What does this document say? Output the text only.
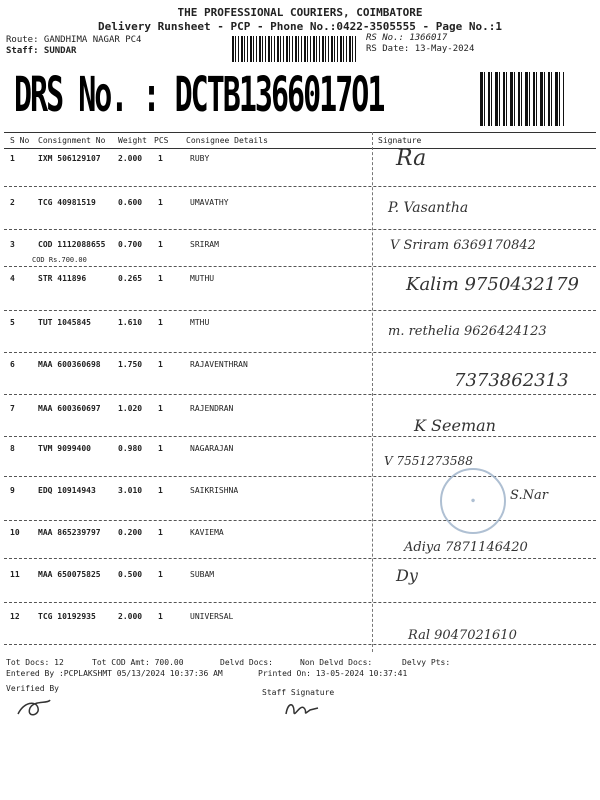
THE PROFESSIONAL COURIERS, COIMBATORE
Delivery Runsheet - PCP - Phone No.:0422-3505555 - Page No.:1
Route: GANDHIMA NAGAR PC4
Staff: SUNDAR
RS No.: 1366017
RS Date: 13-May-2024
DRS No. : DCTB1366017O1
S No Consignment No Weight PCS Consignee Details	Signature
1	IXM 506129107 2.000 1	RUBY	Ra
2	TCG 40981519	0.600 1	UMAVATHY	P. Vasantha
3	COD 1112088655 0.700 1	SRIRAM
COD Rs.700.00
V Sriram 6369170842
4	STR 411896	0.265 1	MUTHU	Kalim 9750432179
5	TUT 1045845	1.610 1	MTHU
m. rethelia 9626424123
6	MAA 600360698 1.750 1	RAJAVENTHRAN
7373862313
7	MAA 600360697 1.020 1	RAJENDRAN
K Seeman
8	TVM 9099400	0.980 1	NAGARAJAN
V 7551273588
9	EDQ 10914943	3.010 1	SAIKRISHNA	S.Nar
10 MAA 865239797 0.200 1	KAVIEMA
Adiya 7871146420
11 MAA 650075825 0.500 1	SUBAM	Dy
12 TCG 10192935	2.000 1	UNIVERSAL
Ral 9047021610
●
Tot Docs: 12	Tot COD Amt: 700.00	Delvd Docs:	Non Delvd Docs:	Delvy Pts:
Entered By :PCPLAKSHMT 05/13/2024 10:37:36 AM	Printed On: 13-05-2024 10:37:41
Verified By	Staff Signature
